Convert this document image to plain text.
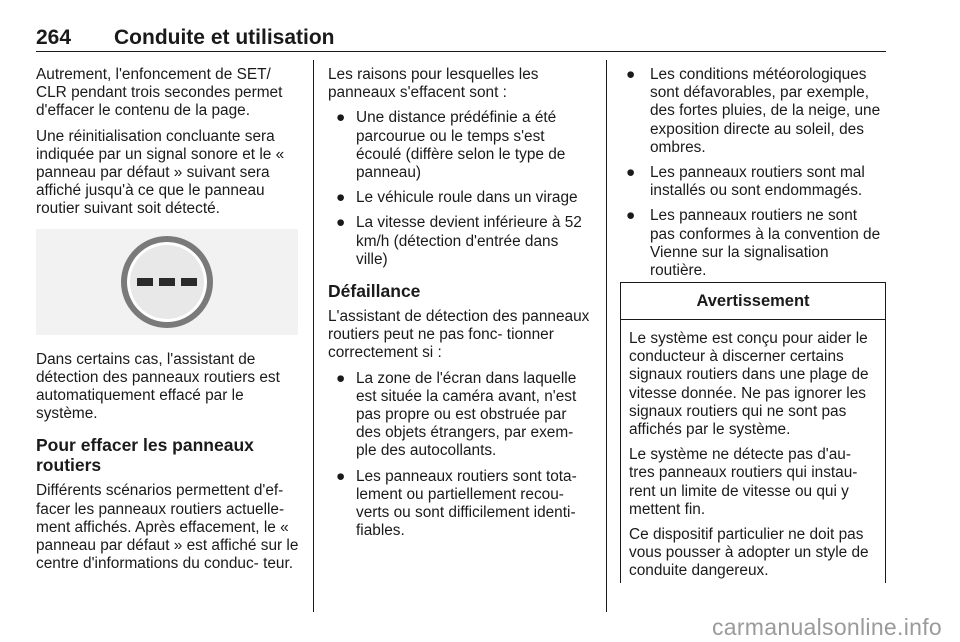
264 Conduite et utilisation

Autrement, l'enfoncement de SET/ CLR pendant trois secondes permet d'effacer le contenu de la page.

Une réinitialisation concluante sera indiquée par un signal sonore et le « panneau par défaut » suivant sera affiché jusqu'à ce que le panneau routier suivant soit détecté.

Dans certains cas, l'assistant de détection des panneaux routiers est automatiquement effacé par le système.

Pour effacer les panneaux routiers

Différents scénarios permettent d'ef- facer les panneaux routiers actuelle- ment affichés. Après effacement, le « panneau par défaut » est affiché sur le centre d'informations du conduc- teur.

Les raisons pour lesquelles les panneaux s'effacent sont :

● Une distance prédéfinie a été parcourue ou le temps s'est écoulé (diffère selon le type de panneau)
● Le véhicule roule dans un virage
● La vitesse devient inférieure à 52 km/h (détection d'entrée dans ville)
Défaillance

L'assistant de détection des panneaux routiers peut ne pas fonc- tionner correctement si :

● La zone de l'écran dans laquelle est située la caméra avant, n'est pas propre ou est obstruée par des objets étrangers, par exem- ple des autocollants.
● Les panneaux routiers sont tota- lement ou partiellement recou- verts ou sont difficilement identi- fiables.
● Les conditions météorologiques sont défavorables, par exemple, des fortes pluies, de la neige, une exposition directe au soleil, des ombres.
● Les panneaux routiers sont mal installés ou sont endommagés.
● Les panneaux routiers ne sont pas conformes à la convention de Vienne sur la signalisation routière.
Avertissement

Le système est conçu pour aider le conducteur à discerner certains signaux routiers dans une plage de vitesse donnée. Ne pas ignorer les signaux routiers qui ne sont pas affichés par le système.

Le système ne détecte pas d'au- tres panneaux routiers qui instau- rent un limite de vitesse ou qui y mettent fin.

Ce dispositif particulier ne doit pas vous pousser à adopter un style de conduite dangereux.

carmanualsonline.info
